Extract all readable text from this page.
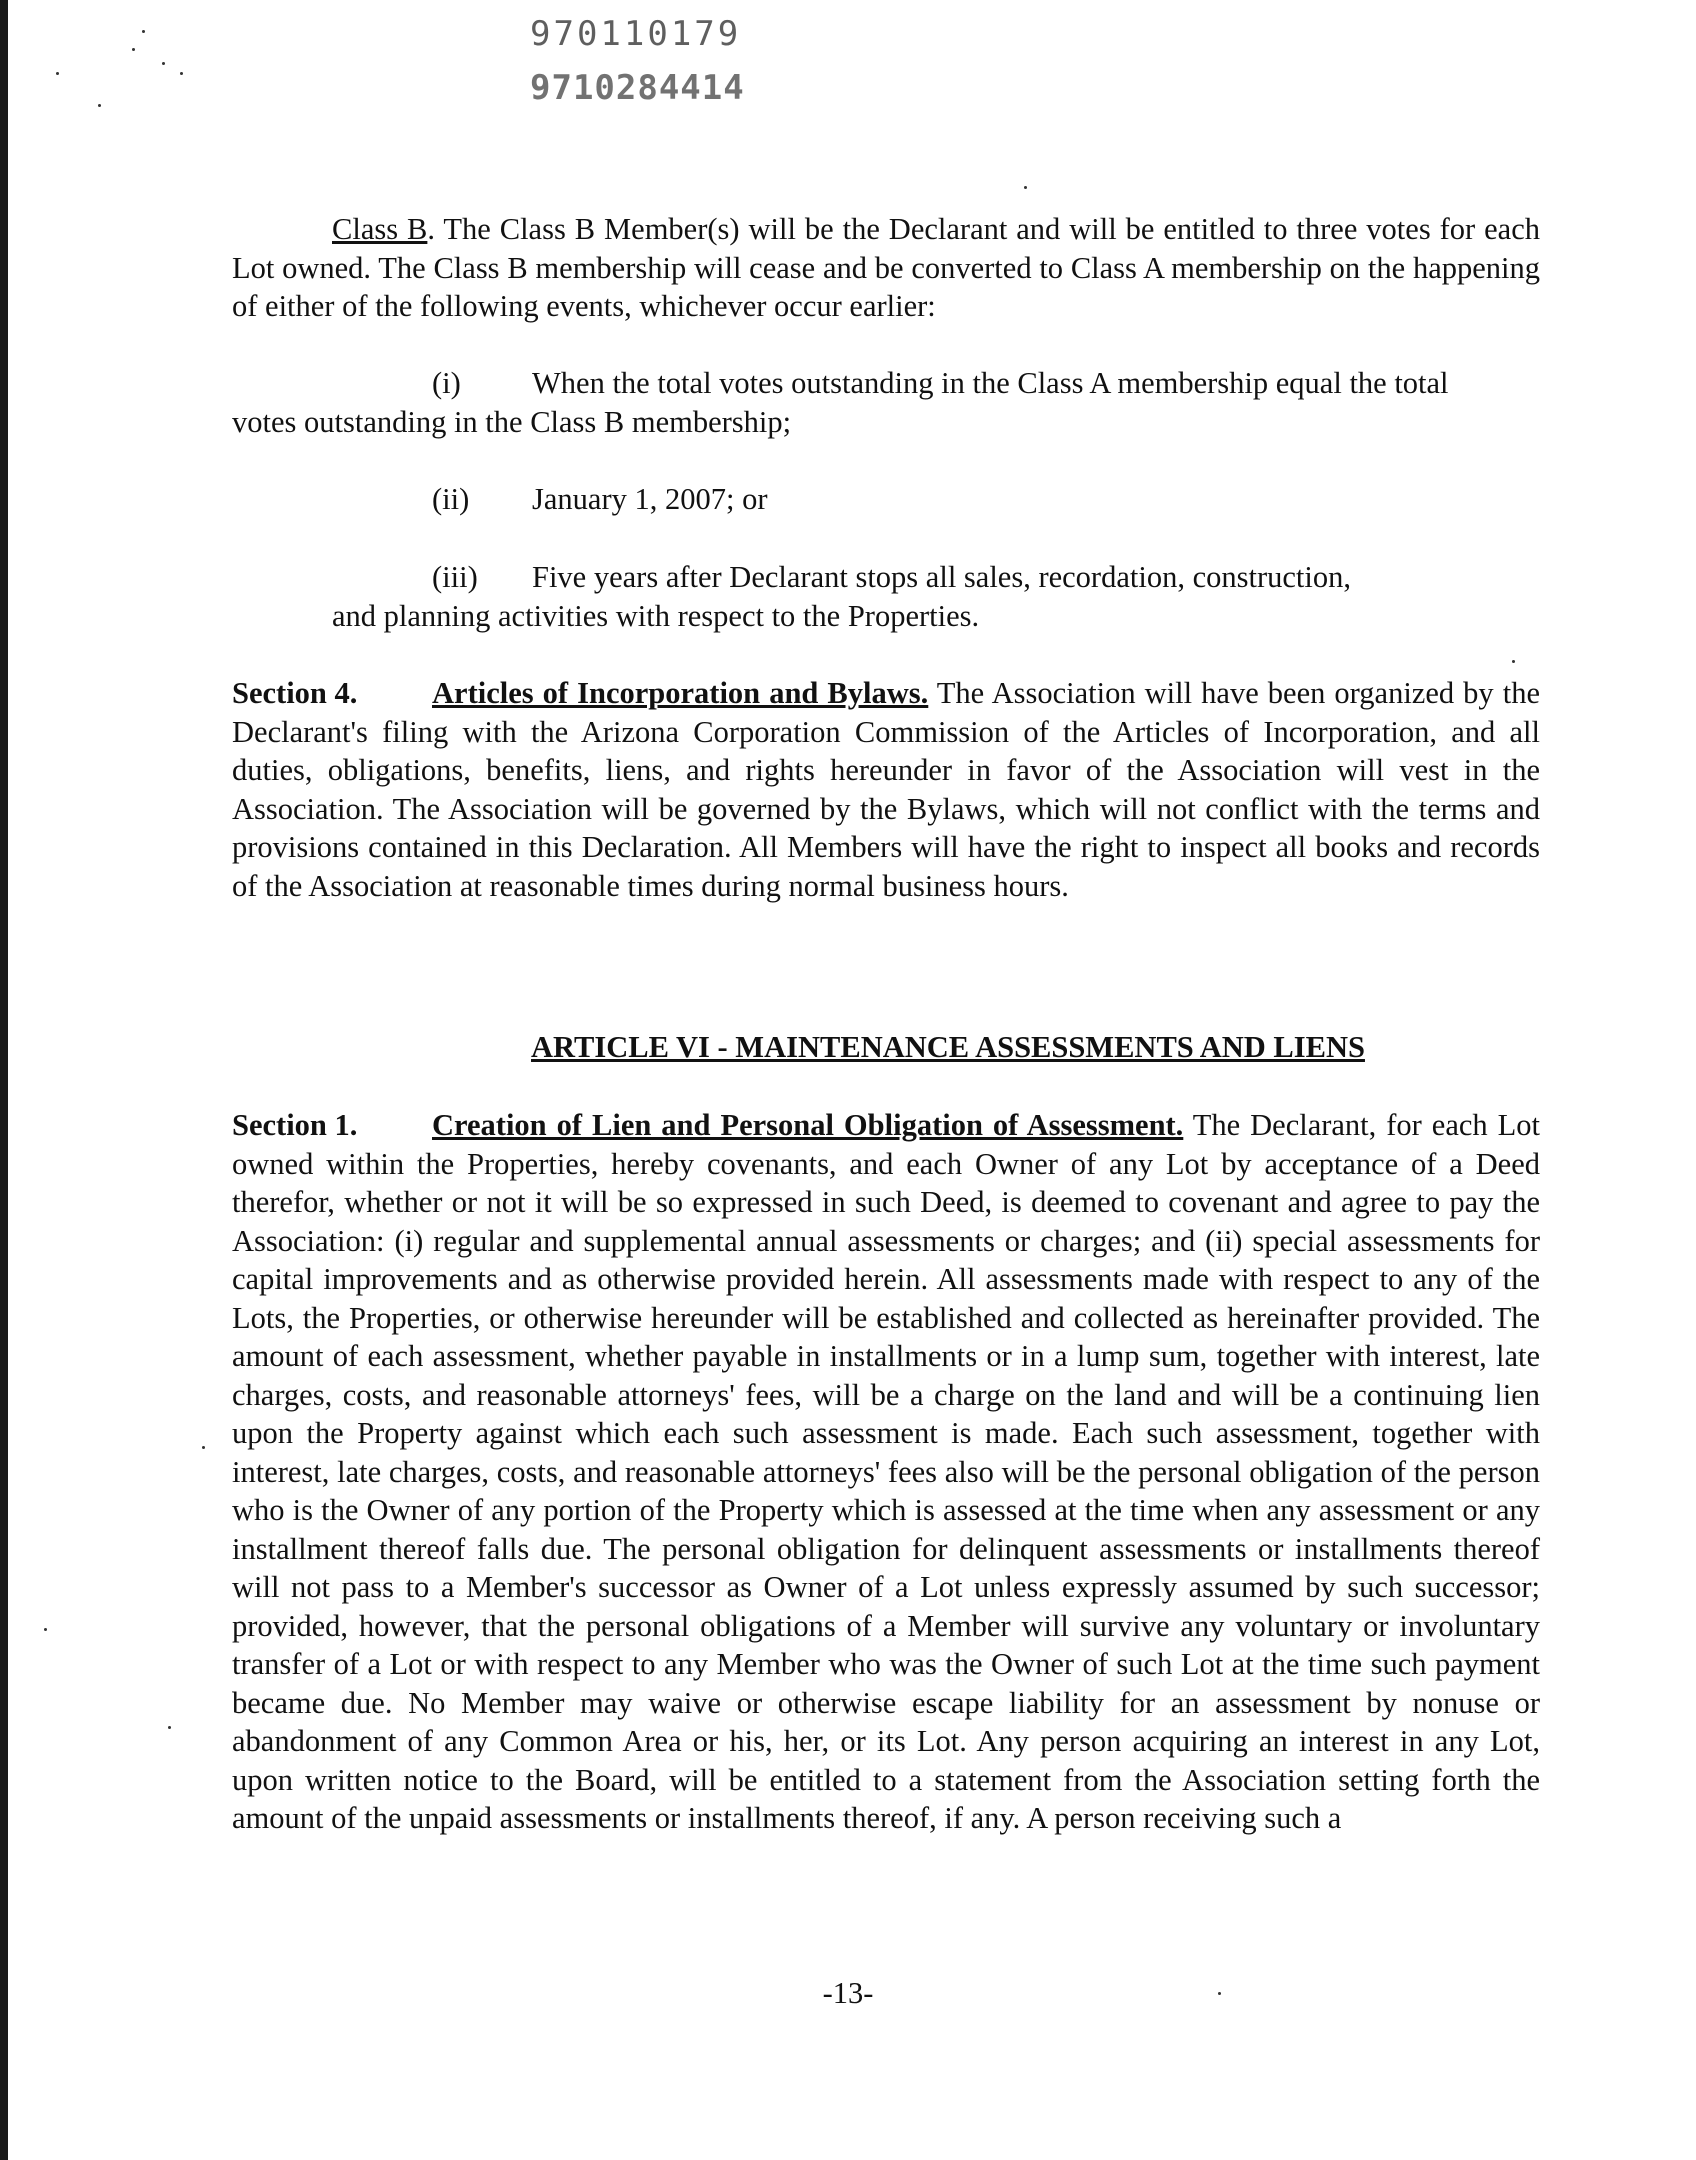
970110179
9710284414
Class B. The Class B Member(s) will be the Declarant and will be entitled to three votes for each Lot owned. The Class B membership will cease and be converted to Class A membership on the happening of either of the following events, whichever occur earlier:
(i) When the total votes outstanding in the Class A membership equal the total
votes outstanding in the Class B membership;
(ii) January 1, 2007; or
(iii) Five years after Declarant stops all sales, recordation, construction,
and planning activities with respect to the Properties.
Section 4. Articles of Incorporation and Bylaws. The Association will have been organized by the Declarant's filing with the Arizona Corporation Commission of the Articles of Incorporation, and all duties, obligations, benefits, liens, and rights hereunder in favor of the Association will vest in the Association. The Association will be governed by the Bylaws, which will not conflict with the terms and provisions contained in this Declaration. All Members will have the right to inspect all books and records of the Association at reasonable times during normal business hours.
ARTICLE VI - MAINTENANCE ASSESSMENTS AND LIENS
Section 1. Creation of Lien and Personal Obligation of Assessment. The Declarant, for each Lot owned within the Properties, hereby covenants, and each Owner of any Lot by acceptance of a Deed therefor, whether or not it will be so expressed in such Deed, is deemed to covenant and agree to pay the Association: (i) regular and supplemental annual assessments or charges; and (ii) special assessments for capital improvements and as otherwise provided herein. All assessments made with respect to any of the Lots, the Properties, or otherwise hereunder will be established and collected as hereinafter provided. The amount of each assessment, whether payable in installments or in a lump sum, together with interest, late charges, costs, and reasonable attorneys' fees, will be a charge on the land and will be a continuing lien upon the Property against which each such assessment is made. Each such assessment, together with interest, late charges, costs, and reasonable attorneys' fees also will be the personal obligation of the person who is the Owner of any portion of the Property which is assessed at the time when any assessment or any installment thereof falls due. The personal obligation for delinquent assessments or installments thereof will not pass to a Member's successor as Owner of a Lot unless expressly assumed by such successor; provided, however, that the personal obligations of a Member will survive any voluntary or involuntary transfer of a Lot or with respect to any Member who was the Owner of such Lot at the time such payment became due. No Member may waive or otherwise escape liability for an assessment by nonuse or abandonment of any Common Area or his, her, or its Lot. Any person acquiring an interest in any Lot, upon written notice to the Board, will be entitled to a statement from the Association setting forth the amount of the unpaid assessments or installments thereof, if any. A person receiving such a
-13-
